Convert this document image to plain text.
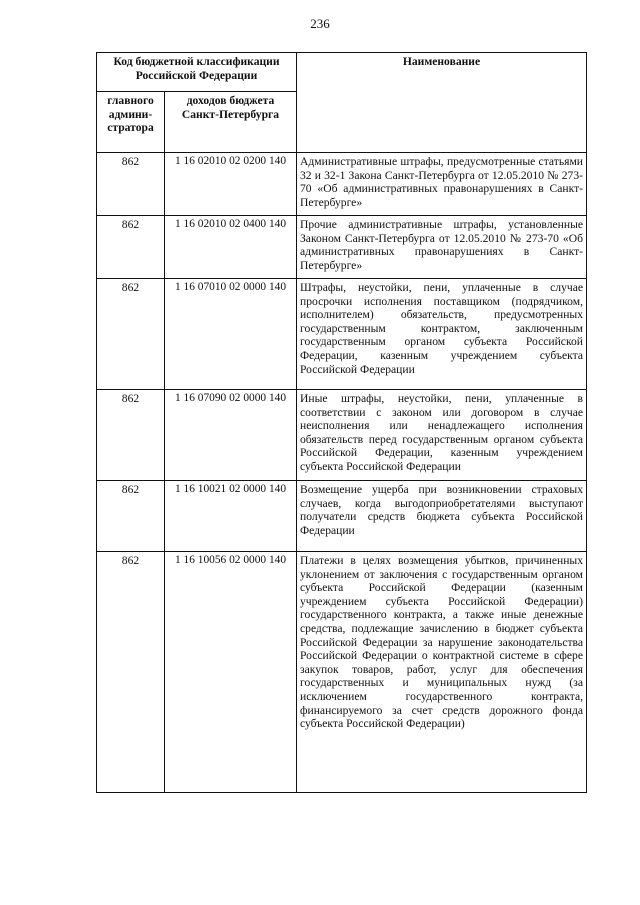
236
Код бюджетной классификации Российской Федерации		Наименование
главного админи-стратора	доходов бюджета Санкт-Петербурга	
862	1 16 02010 02 0200 140	Административные штрафы, предусмотренные статьями 32 и 32-1 Закона Санкт-Петербурга от 12.05.2010 № 273-70 «Об административных правонарушениях в Санкт-Петербурге»
862	1 16 02010 02 0400 140	Прочие административные штрафы, установленные Законом Санкт-Петербурга от 12.05.2010 № 273-70 «Об административных правонарушениях в Санкт-Петербурге»
862	1 16 07010 02 0000 140	Штрафы, неустойки, пени, уплаченные в случае просрочки исполнения поставщиком (подрядчиком, исполнителем) обязательств, предусмотренных государственным контрактом, заключенным государственным органом субъекта Российской Федерации, казенным учреждением субъекта Российской Федерации
862	1 16 07090 02 0000 140	Иные штрафы, неустойки, пени, уплаченные в соответствии с законом или договором в случае неисполнения или ненадлежащего исполнения обязательств перед государственным органом субъекта Российской Федерации, казенным учреждением субъекта Российской Федерации
862	1 16 10021 02 0000 140	Возмещение ущерба при возникновении страховых случаев, когда выгодоприобретателями выступают получатели средств бюджета субъекта Российской Федерации
862	1 16 10056 02 0000 140	Платежи в целях возмещения убытков, причиненных уклонением от заключения с государственным органом субъекта Российской Федерации (казенным учреждением субъекта Российской Федерации) государственного контракта, а также иные денежные средства, подлежащие зачислению в бюджет субъекта Российской Федерации за нарушение законодательства Российской Федерации о контрактной системе в сфере закупок товаров, работ, услуг для обеспечения государственных и муниципальных нужд (за исключением государственного контракта, финансируемого за счет средств дорожного фонда субъекта Российской Федерации)
